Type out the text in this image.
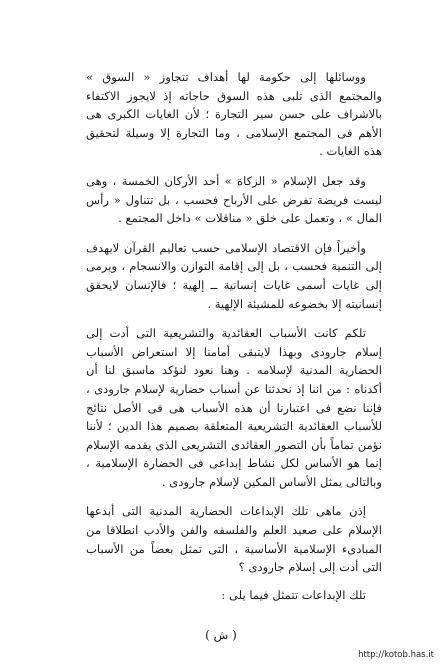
ووسائلها إلى حكومة لها أهداف تتجاوز « السوق » والمجتمع الذى تلبى هذه السوق حاجاته إذ لايجوز الاكتفاء بالاشراف على حسن سير التجارة ؛ لأن الغايات الكبرى هى الأهم فى المجتمع الإسلامى ، وما التجارة إلا وسيلة لتحقيق هذه الغايات .

وقد جعل الإسلام « الزكاة » أحد الأركان الخمسة ، وهى ليست فريضة تفرض على الأرباح فحسب ، بل تتناول « رأس المال » ، وتعمل على خلق « مناقلات » داخل المجتمع .

وأخيراً فإن الاقتصاد الإسلامى حسب تعاليم القرآن لايهدف إلى التنمية فحسب ، بل إلى إقامة التوازن والانسجام ، ويرمى إلى غايات أسمى غايات إنسانية ــ إلهية ؛ فالإنسان لايحقق إنسانيته إلا بخضوعه للمشيئة الإلهية .

تلكم كانت الأسباب العقائدية والتشريعية التى أدت إلى إسلام جارودى وبهذا لايتبقى أمامنا إلا استعراض الأسباب الحضارية المدنية لإسلامه . وهنا نعود لنؤكد ماسبق لنا أن أكدناه : من اننا إذ نحدثنا عن أسباب حضارية لإسلام جارودى ، فإننا نضع فى اعتبارنا أن هذه الأسباب هى فى الأصل نتائج للأسباب العقائدية التشريعية المتعلقة بصميم هذا الدين ؛ لأننا نؤمن تماماً بأن التصور العقائدى التشريعى الذى يقدمه الإسلام إنما هو الأساس لكل نشاط إبداعى فى الحضارة الإسلامية ، وبالتالى يمثل الأساس المكين لإسلام جارودى .

إذن ماهى تلك الإبداعات الحضارية المدنية التى أبدعها الإسلام على صعيد العلم والفلسفه والفن والأدب انطلاقا من المبادىء الإسلامية الأساسية ، التى تمثل بعضاً من الأسباب التى أدت إلى إسلام جارودى ؟

تلك الإبداعات تتمثل فيما يلى :

( ش )
http://kotob.has.it
